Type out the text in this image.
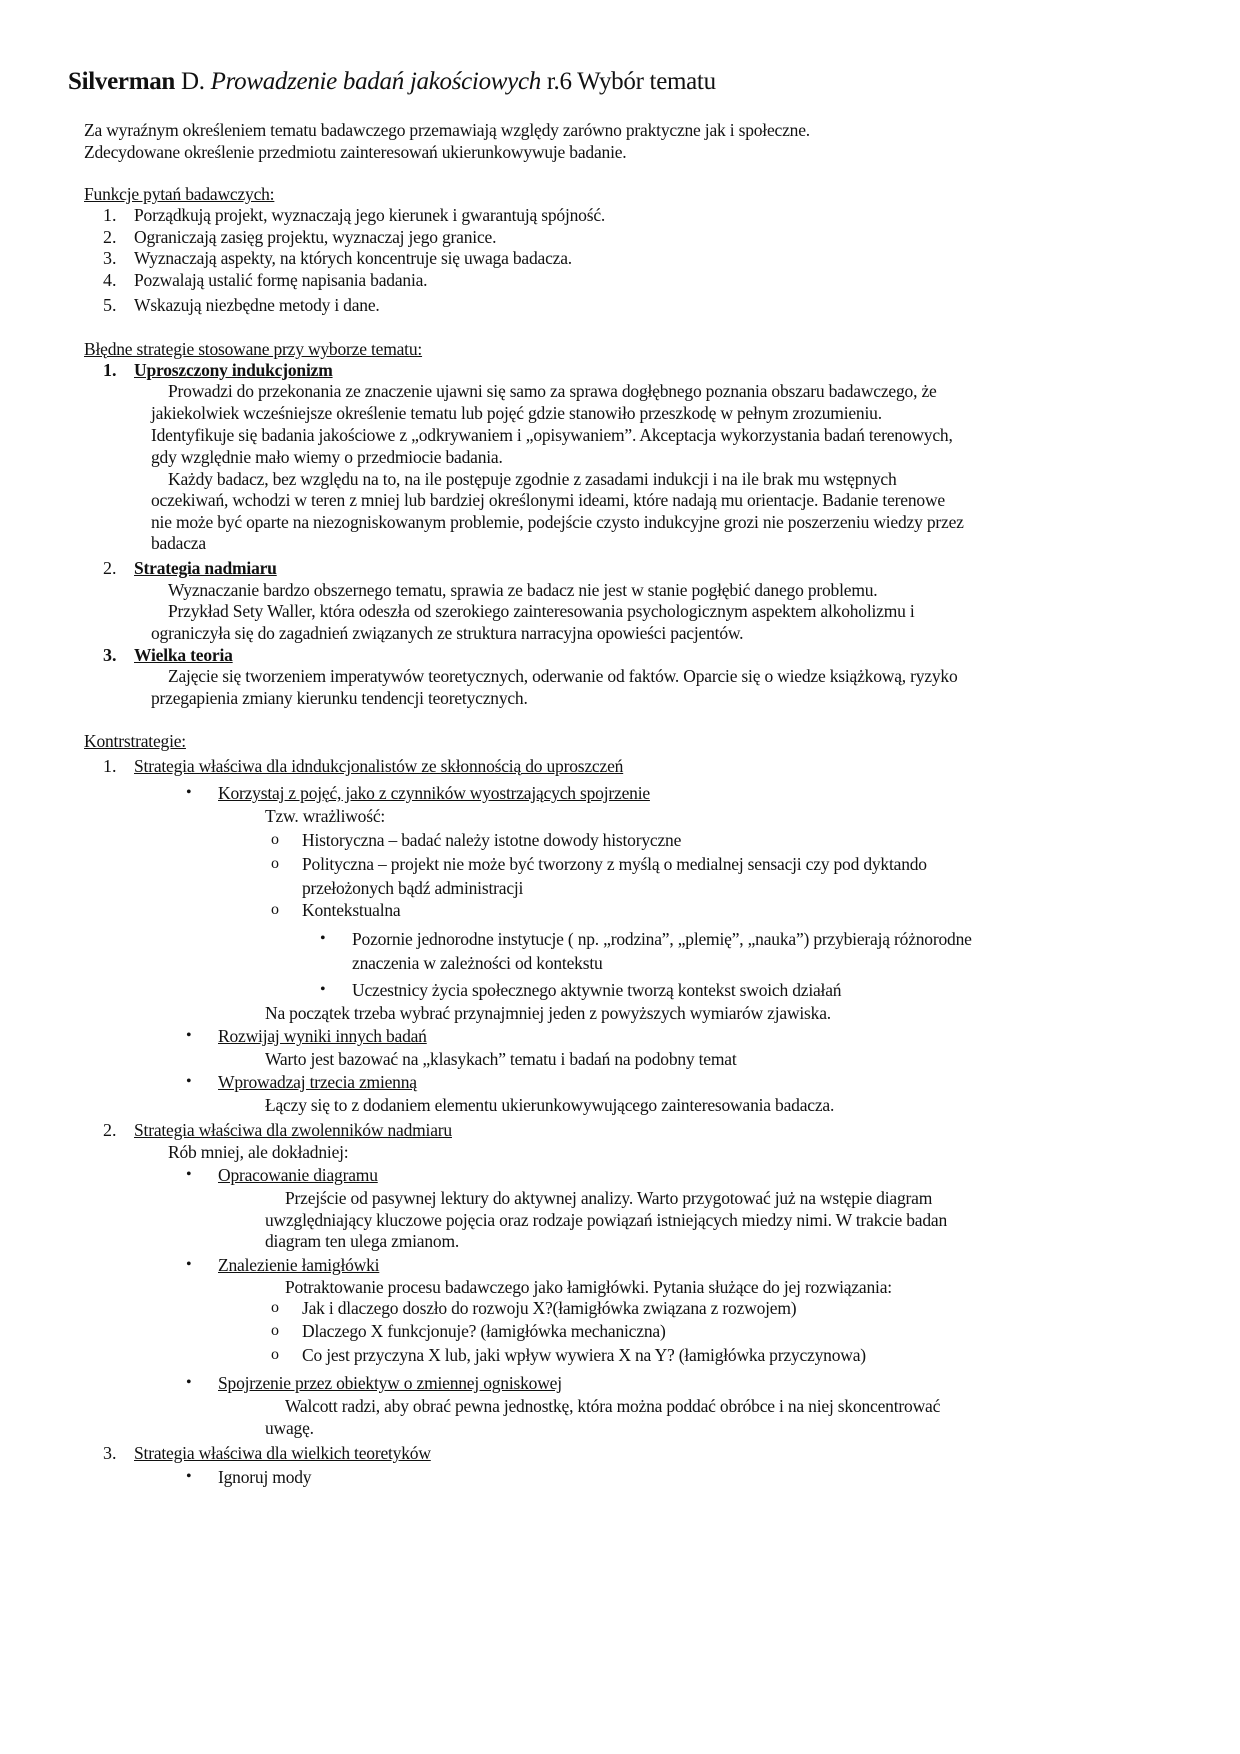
Silverman D. Prowadzenie badań jakościowych r.6 Wybór tematu
Za wyraźnym określeniem tematu badawczego przemawiają względy zarówno praktyczne jak i społeczne.
Zdecydowane określenie przedmiotu zainteresowań ukierunkowywuje badanie.
Funkcje pytań badawczych:
1. Porządkują projekt, wyznaczają jego kierunek i gwarantują spójność.
2. Ograniczają zasięg projektu, wyznaczaj jego granice.
3. Wyznaczają aspekty, na których koncentruje się uwaga badacza.
4. Pozwalają ustalić formę napisania badania.
5. Wskazują niezbędne metody i dane.
Błędne strategie stosowane przy wyborze tematu:
1. Uproszczony indukcjonizm
Prowadzi do przekonania ze znaczenie ujawni się samo za sprawa dogłębnego poznania obszaru badawczego, że
jakiekolwiek wcześniejsze określenie tematu lub pojęć gdzie stanowiło przeszkodę w pełnym zrozumieniu.
Identyfikuje się badania jakościowe z „odkrywaniem i „opisywaniem”. Akceptacja wykorzystania badań terenowych,
gdy względnie mało wiemy o przedmiocie badania.
Każdy badacz, bez względu na to, na ile postępuje zgodnie z zasadami indukcji i na ile brak mu wstępnych
oczekiwań, wchodzi w teren z mniej lub bardziej określonymi ideami, które nadają mu orientacje. Badanie terenowe
nie może być oparte na niezogniskowanym problemie, podejście czysto indukcyjne grozi nie poszerzeniu wiedzy przez
badacza
2. Strategia nadmiaru
Wyznaczanie bardzo obszernego tematu, sprawia ze badacz nie jest w stanie pogłębić danego problemu.
Przykład Sety Waller, która odeszła od szerokiego zainteresowania psychologicznym aspektem alkoholizmu i
ograniczyła się do zagadnień związanych ze struktura narracyjna opowieści pacjentów.
3. Wielka teoria
Zajęcie się tworzeniem imperatywów teoretycznych, oderwanie od faktów. Oparcie się o wiedze książkową, ryzyko
przegapienia zmiany kierunku tendencji teoretycznych.
Kontrstrategie:
1. Strategia właściwa dla idndukcjonalistów ze skłonnością do uproszczeń
• Korzystaj z pojęć, jako z czynników wyostrzających spojrzenie
Tzw. wrażliwość:
o Historyczna – badać należy istotne dowody historyczne
o Polityczna – projekt nie może być tworzony z myślą o medialnej sensacji czy pod dyktando
przełożonych bądź administracji
o Kontekstualna
• Pozornie jednorodne instytucje ( np. „rodzina”, „plemię”, „nauka”) przybierają różnorodne
znaczenia w zależności od kontekstu
• Uczestnicy życia społecznego aktywnie tworzą kontekst swoich działań
Na początek trzeba wybrać przynajmniej jeden z powyższych wymiarów zjawiska.
• Rozwijaj wyniki innych badań
Warto jest bazować na „klasykach” tematu i badań na podobny temat
• Wprowadzaj trzecia zmienną
Łączy się to z dodaniem elementu ukierunkowywującego zainteresowania badacza.
2. Strategia właściwa dla zwolenników nadmiaru
Rób mniej, ale dokładniej:
• Opracowanie diagramu
Przejście od pasywnej lektury do aktywnej analizy. Warto przygotować już na wstępie diagram
uwzględniający kluczowe pojęcia oraz rodzaje powiązań istniejących miedzy nimi. W trakcie badan
diagram ten ulega zmianom.
• Znalezienie łamigłówki
Potraktowanie procesu badawczego jako łamigłówki. Pytania służące do jej rozwiązania:
o Jak i dlaczego doszło do rozwoju X?(łamigłówka związana z rozwojem)
o Dlaczego X funkcjonuje? (łamigłówka mechaniczna)
o Co jest przyczyna X lub, jaki wpływ wywiera X na Y? (łamigłówka przyczynowa)
• Spojrzenie przez obiektyw o zmiennej ogniskowej
Walcott radzi, aby obrać pewna jednostkę, która można poddać obróbce i na niej skoncentrować
uwagę.
3. Strategia właściwa dla wielkich teoretyków
• Ignoruj mody
